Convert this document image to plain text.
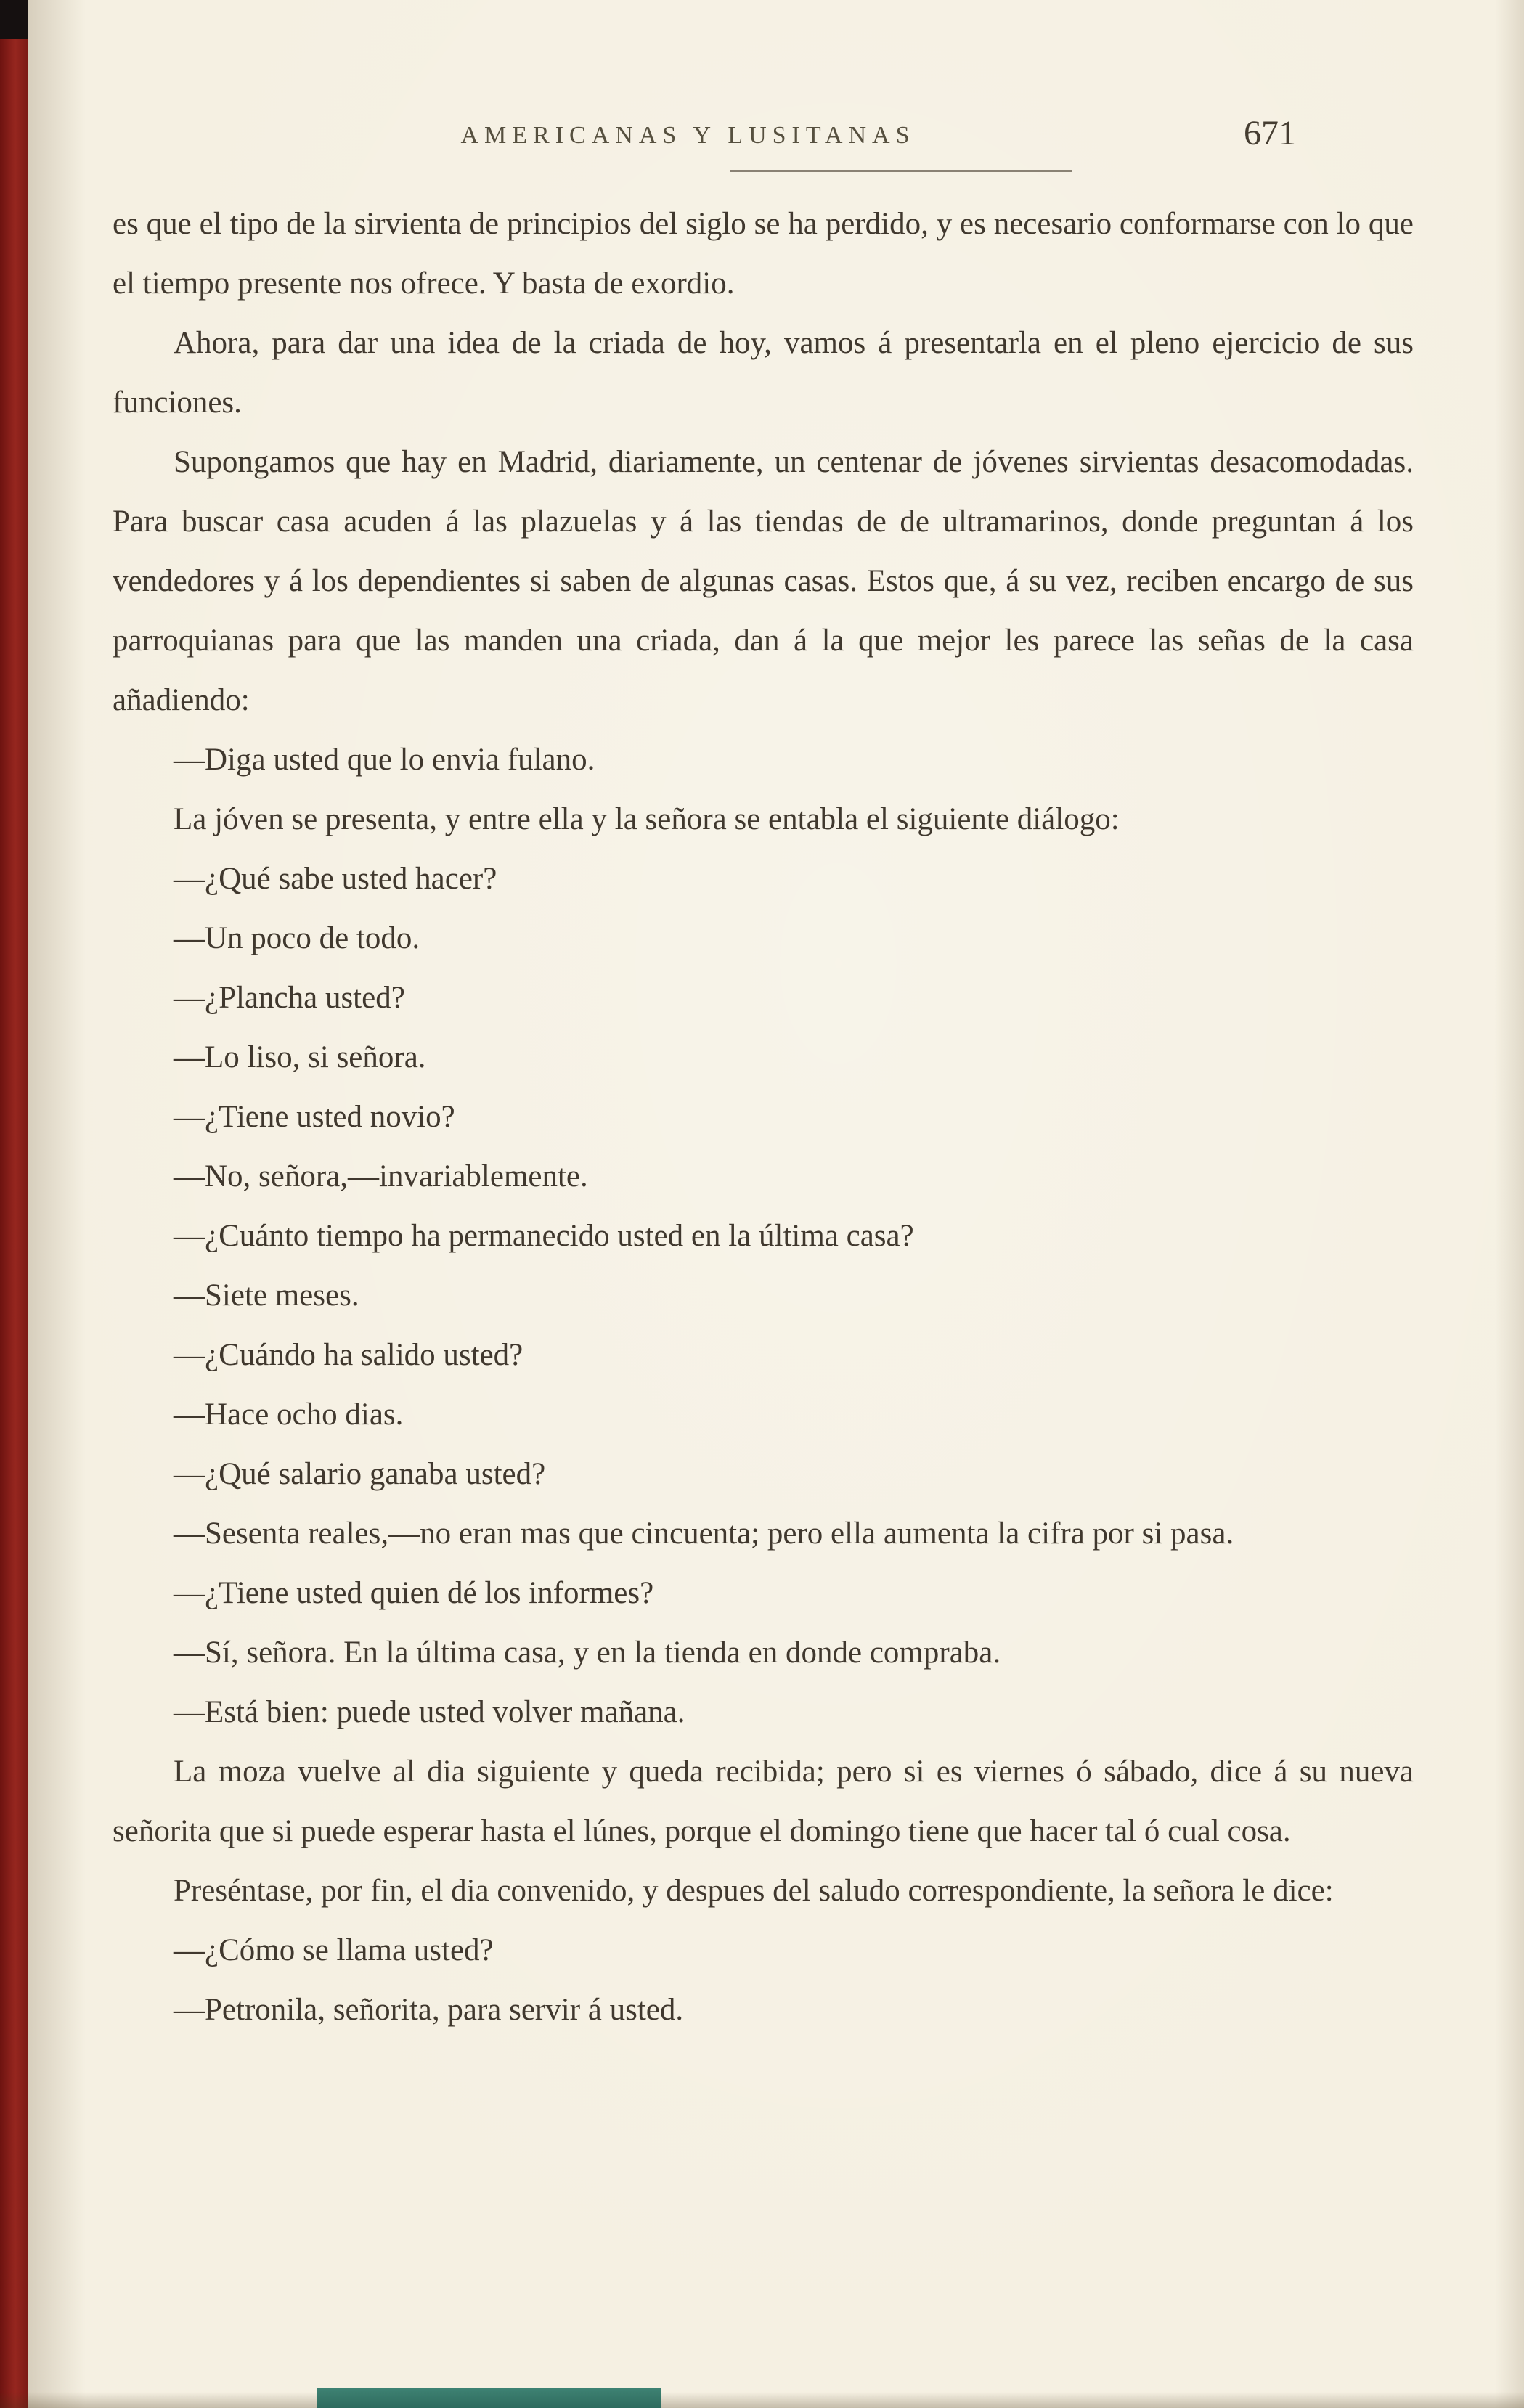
AMERICANAS Y LUSITANAS	671

es que el tipo de la sirvienta de principios del siglo se ha perdido, y es necesario conformarse con lo que el tiempo presente nos ofrece. Y basta de exordio.

Ahora, para dar una idea de la criada de hoy, vamos á presentarla en el pleno ejercicio de sus funciones.

Supongamos que hay en Madrid, diariamente, un centenar de jóvenes sirvientas desacomodadas. Para buscar casa acuden á las plazuelas y á las tiendas de de ultramarinos, donde preguntan á los vendedores y á los dependientes si saben de algunas casas. Estos que, á su vez, reciben encargo de sus parroquianas para que las manden una criada, dan á la que mejor les parece las señas de la casa añadiendo:

—Diga usted que lo envia fulano.

La jóven se presenta, y entre ella y la señora se entabla el siguiente diálogo:

—¿Qué sabe usted hacer?

—Un poco de todo.

—¿Plancha usted?

—Lo liso, si señora.

—¿Tiene usted novio?

—No, señora,—invariablemente.

—¿Cuánto tiempo ha permanecido usted en la última casa?

—Siete meses.

—¿Cuándo ha salido usted?

—Hace ocho dias.

—¿Qué salario ganaba usted?

—Sesenta reales,—no eran mas que cincuenta; pero ella aumenta la cifra por si pasa.

—¿Tiene usted quien dé los informes?

—Sí, señora. En la última casa, y en la tienda en donde compraba.

—Está bien: puede usted volver mañana.

La moza vuelve al dia siguiente y queda recibida; pero si es viernes ó sábado, dice á su nueva señorita que si puede esperar hasta el lúnes, porque el domingo tiene que hacer tal ó cual cosa.

Preséntase, por fin, el dia convenido, y despues del saludo correspondiente, la señora le dice:

—¿Cómo se llama usted?

—Petronila, señorita, para servir á usted.
